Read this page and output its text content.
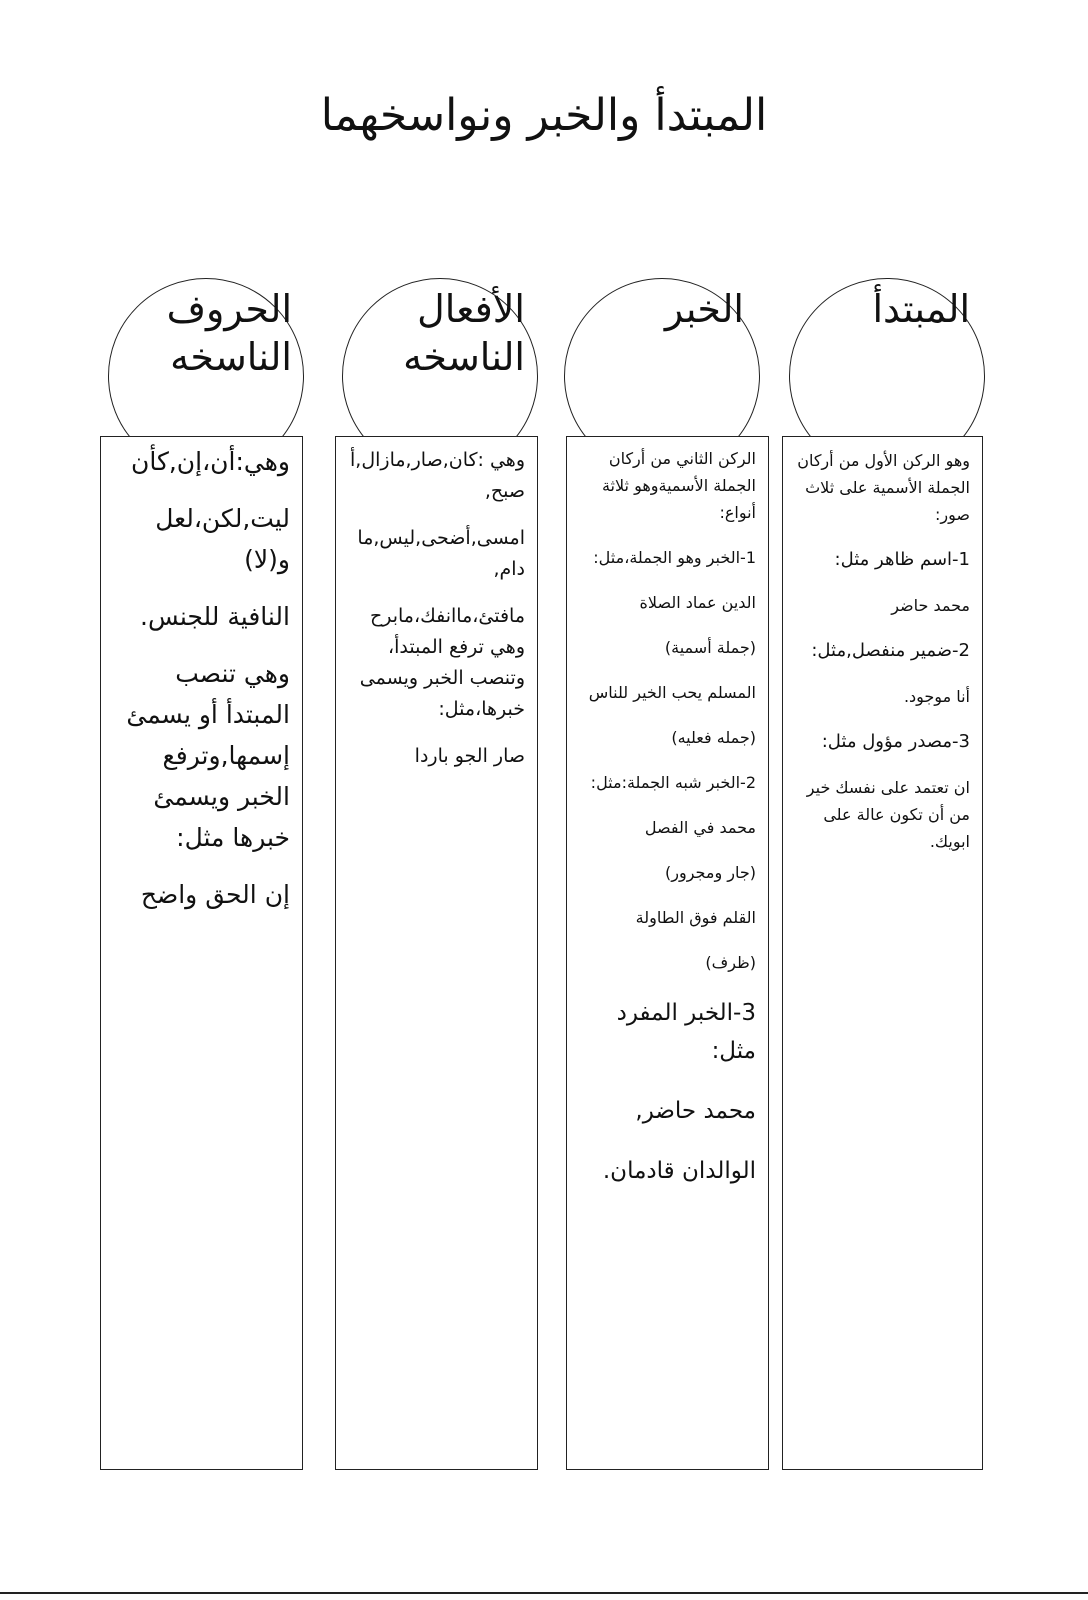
المبتدأ والخبر ونواسخهما
المبتدأ

وهو الركن الأول من أركان الجملة الأسمية على ثلاث صور:

1-اسم ظاهر مثل:

محمد حاضر

2-ضمير منفصل,مثل:

أنا موجود.

3-مصدر مؤول مثل:

ان تعتمد على نفسك خير من أن تكون عالة على ابويك.

الخبر

الركن الثاني من أركان الجملة الأسميةوهو ثلاثة أنواع:

1-الخبر وهو الجملة،مثل:

الدين عماد الصلاة

(جملة أسمية)

المسلم يحب الخير للناس

(جمله فعليه)

2-الخبر شبه الجملة:مثل:

محمد في الفصل

(جار ومجرور)

القلم فوق الطاولة

(ظرف)

3-الخبر المفرد مثل:

محمد حاضر,

الوالدان قادمان.

الأفعال
الناسخه

وهي :كان,صار,مازال,أ صبح,

امسى,أضحى,ليس,ما دام,

مافتئ،ماانفك،مابرح وهي ترفع المبتدأ، وتنصب الخبر ويسمى خبرها،مثل:

صار الجو باردا

الحروف
الناسخه

وهي:أن،إن,كأن

ليت,لكن،لعل

و(لا)

النافية للجنس.

وهي تنصب المبتدأ أو يسمئ إسمها,وترفع الخبر ويسمئ خبرها مثل:

إن الحق واضح
